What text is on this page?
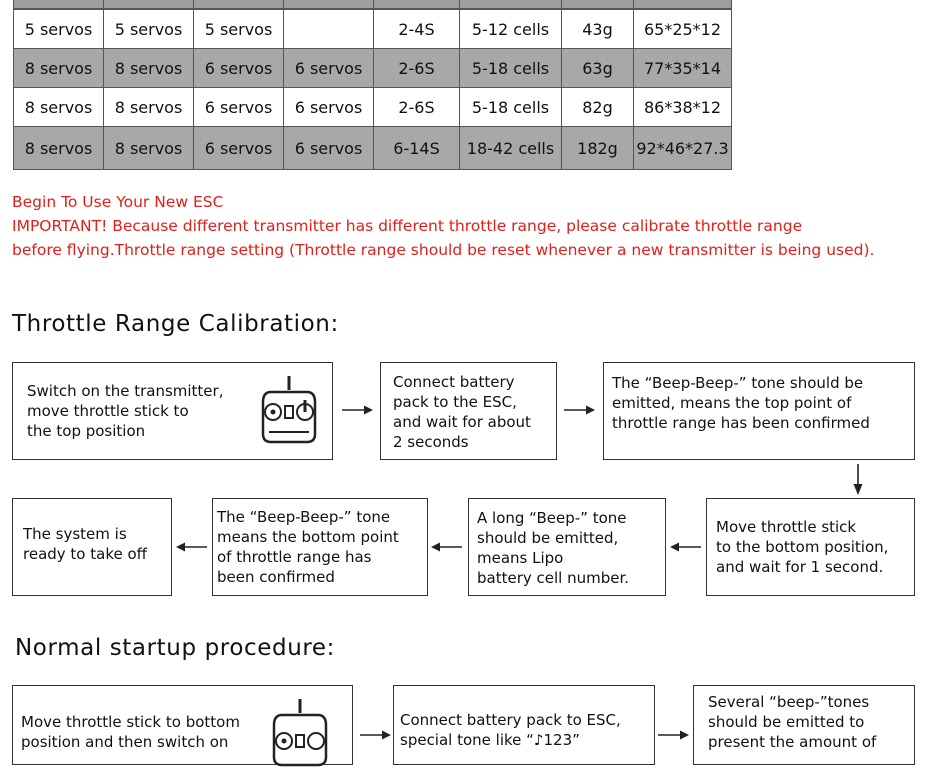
5 servos	5 servos	5 servos		2-4S	5-12 cells	43g	65*25*12
8 servos	8 servos	6 servos	6 servos	2-6S	5-18 cells	63g	77*35*14
8 servos	8 servos	6 servos	6 servos	2-6S	5-18 cells	82g	86*38*12
8 servos	8 servos	6 servos	6 servos	6-14S	18-42 cells	182g	92*46*27.3
Begin To Use Your New ESC
IMPORTANT! Because different transmitter has different throttle range, please calibrate throttle range
before flying.Throttle range setting (Throttle range should be reset whenever a new transmitter is being used).
Throttle Range Calibration:
Switch on the transmitter,
move throttle stick to
the top position
Connect battery
pack to the ESC,
and wait for about
2 seconds
The “Beep-Beep-” tone should be
emitted, means the top point of
throttle range has been confirmed
The system is
ready to take off
The “Beep-Beep-” tone
means the bottom point
of throttle range has
been confirmed
A long “Beep-” tone
should be emitted,
means Lipo
battery cell number.
Move throttle stick
to the bottom position,
and wait for 1 second.
Normal startup procedure:
Move throttle stick to bottom
position and then switch on
Connect battery pack to ESC,
special tone like “♪123”
Several “beep-”tones
should be emitted to
present the amount of
